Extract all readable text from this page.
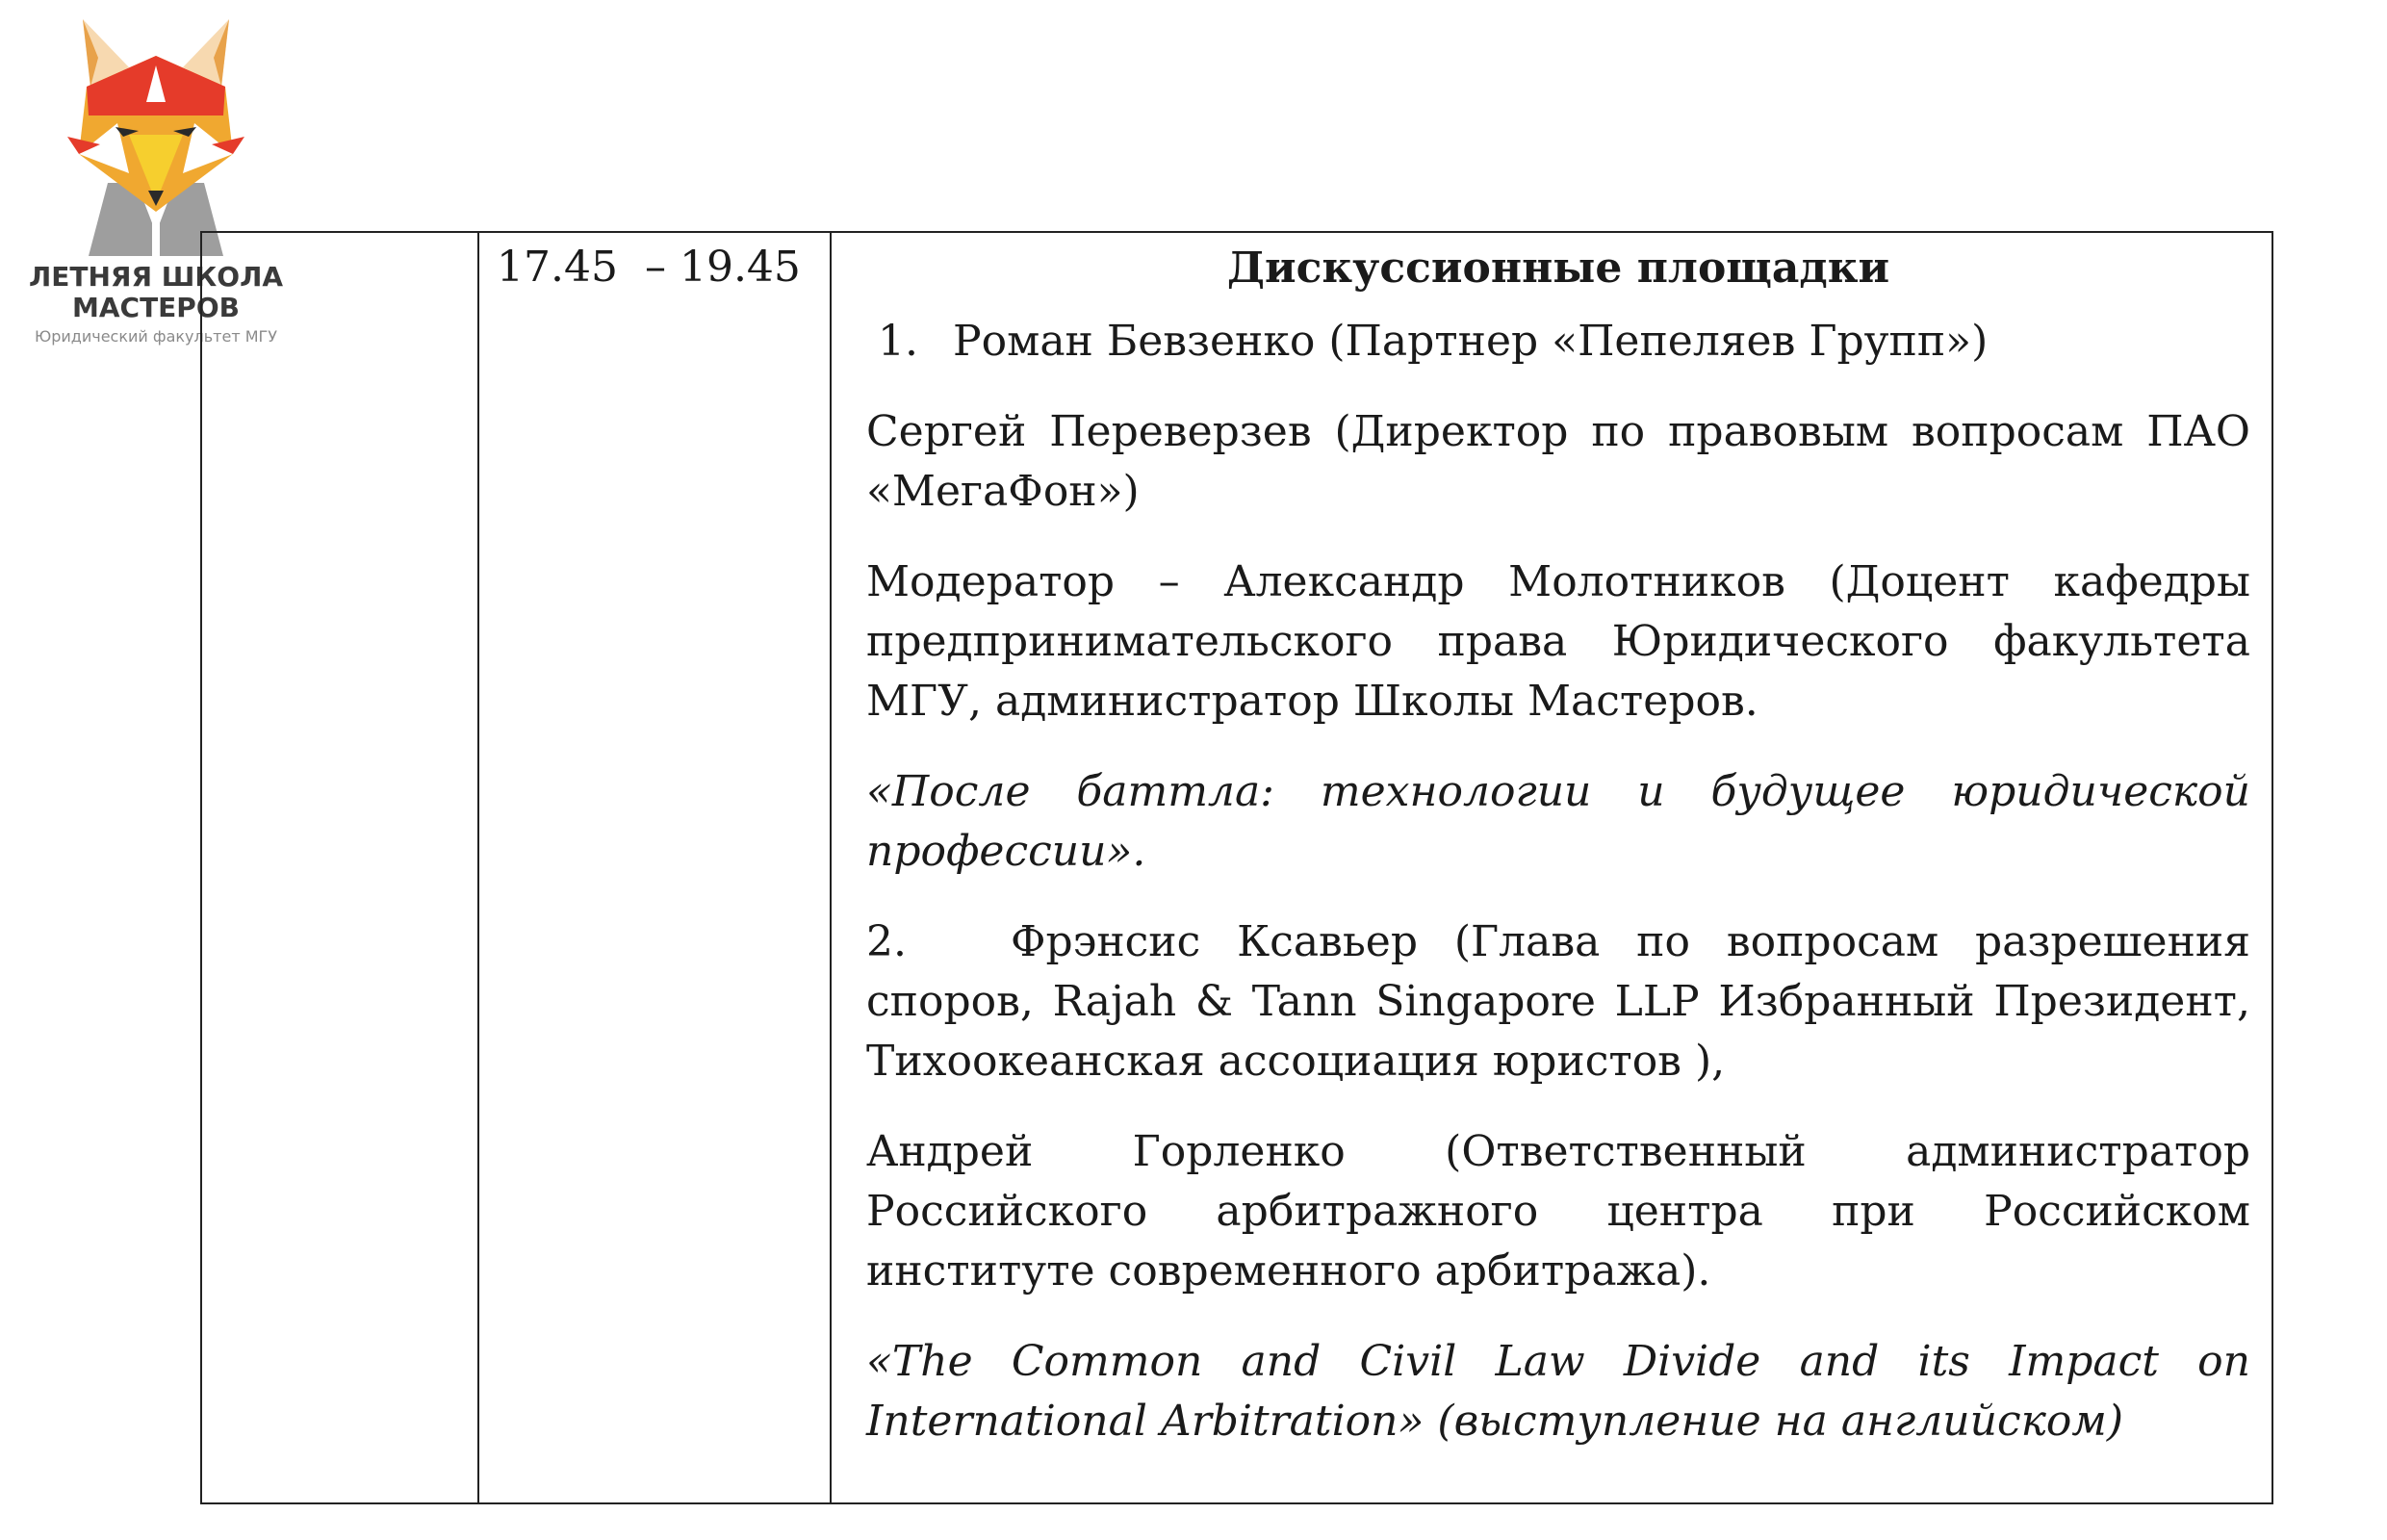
ЛЕТНЯЯ ШКОЛА
МАСТЕРОВ
Юридический факультет МГУ
17.45 – 19.45	Дискуссионные площадки

1. Роман Бевзенко (Партнер «Пепеляев Групп»)

Сергей Переверзев (Директор по правовым вопросам ПАО «МегаФон»)

Модератор – Александр Молотников (Доцент кафедры предпринимательского права Юридического факультета МГУ, администратор Школы Мастеров.

«После баттла: технологии и будущее юридической профессии».

2. Фрэнсис Ксавьер (Глава по вопросам разрешения споров, Rajah & Tann Singapore LLP Избранный Президент, Тихоокеанская ассоциация юристов ),

Андрей Горленко (Ответственный администратор Российского арбитражного центра при Российском институте современного арбитража).

«The Common and Civil Law Divide and its Impact on International Arbitration» (выступление на английском)
